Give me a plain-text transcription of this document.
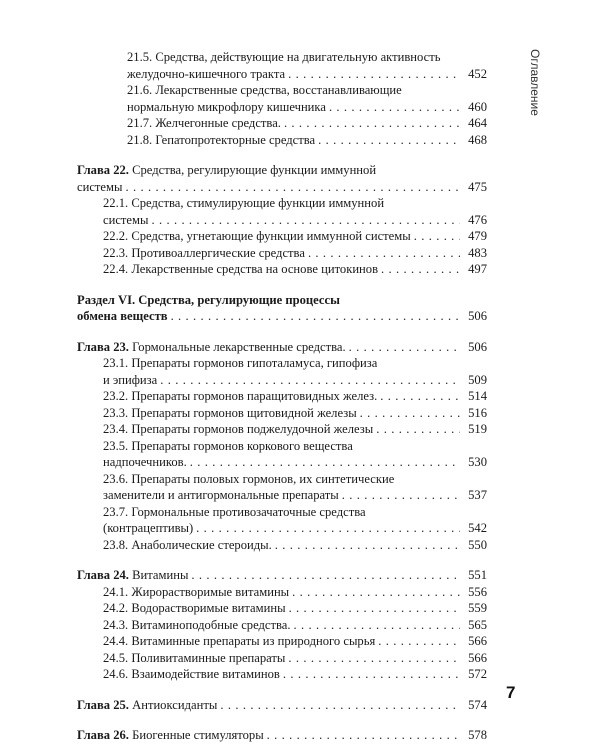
Оглавление
21.5. Средства, действующие на двигательную активность
желудочно-кишечного тракта . . .	452
21.6. Лекарственные средства, восстанавливающие
нормальную микрофлору кишечника . . .	460
21.7. Желчегонные средства. . . .	464
21.8. Гепатопротекторные средства . . .	468
Глава 22. Средства, регулирующие функции иммунной
системы . . .	475
22.1. Средства, стимулирующие функции иммунной
системы . . .	476
22.2. Средства, угнетающие функции иммунной системы . . .	479
22.3. Противоаллергические средства . . .	483
22.4. Лекарственные средства на основе цитокинов . . .	497
Раздел VI. Средства, регулирующие процессы
обмена веществ . . .	506
Глава 23. Гормональные лекарственные средства. . . .	506
23.1. Препараты гормонов гипоталамуса, гипофиза
и эпифиза . . .	509
23.2. Препараты гормонов паращитовидных желез. . . .	514
23.3. Препараты гормонов щитовидной железы . . .	516
23.4. Препараты гормонов поджелудочной железы . . .	519
23.5. Препараты гормонов коркового вещества
надпочечников. . . .	530
23.6. Препараты половых гормонов, их синтетические
заменители и антигормональные препараты . . .	537
23.7. Гормональные противозачаточные средства
(контрацептивы) . . .	542
23.8. Анаболические стероиды. . . .	550
Глава 24. Витамины . . .	551
24.1. Жирорастворимые витамины . . .	556
24.2. Водорастворимые витамины . . .	559
24.3. Витаминоподобные средства. . . .	565
24.4. Витаминные препараты из природного сырья . . .	566
24.5. Поливитаминные препараты . . .	566
24.6. Взаимодействие витаминов . . .	572
Глава 25. Антиоксиданты . . .	574
Глава 26. Биогенные стимуляторы . . .	578
7
